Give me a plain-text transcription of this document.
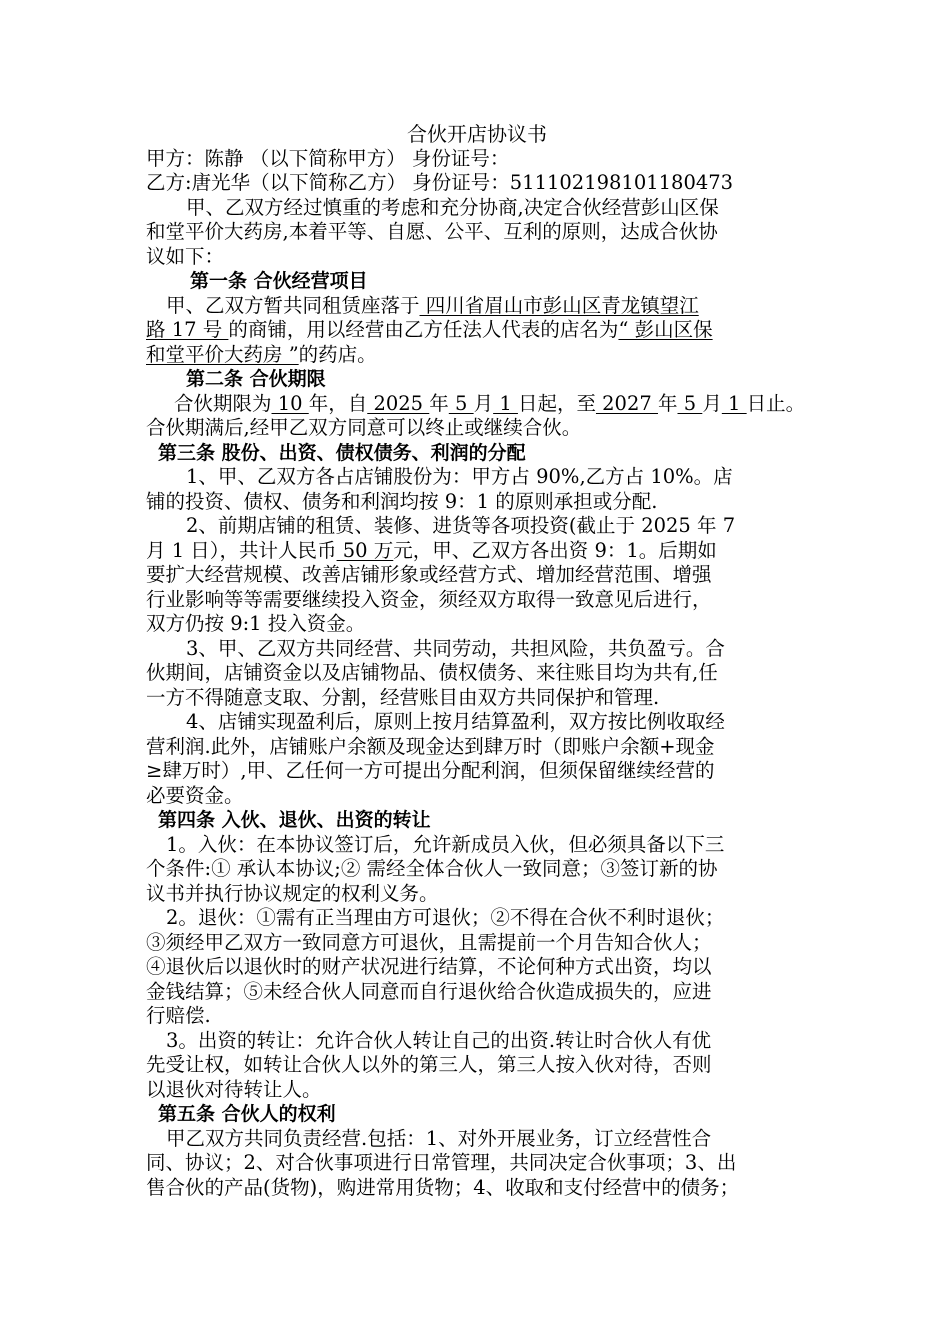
合伙开店协议书
甲方：陈静 （以下简称甲方） 身份证号：
乙方:唐光华（以下简称乙方） 身份证号：511102198101180473
甲、乙双方经过慎重的考虑和充分协商,决定合伙经营彭山区保
和堂平价大药房,本着平等、自愿、公平、互利的原则，达成合伙协
议如下：
第一条 合伙经营项目
甲、乙双方暂共同租赁座落于 四川省眉山市彭山区青龙镇望江
路 17 号 的商铺，用以经营由乙方任法人代表的店名为“ 彭山区保
和堂平价大药房 ”的药店。
第二条 合伙期限
合伙期限为 10 年，自 2025 年 5 月 1 日起，至 2027 年 5 月 1 日止。
合伙期满后,经甲乙双方同意可以终止或继续合伙。
第三条 股份、出资、债权债务、利润的分配
1、甲、乙双方各占店铺股份为：甲方占 90%,乙方占 10%。店
铺的投资、债权、债务和利润均按 9：1 的原则承担或分配.
2、前期店铺的租赁、装修、进货等各项投资(截止于 2025 年 7
月 1 日），共计人民币 50 万元，甲、乙双方各出资 9：1。后期如
要扩大经营规模、改善店铺形象或经营方式、增加经营范围、增强
行业影响等等需要继续投入资金，须经双方取得一致意见后进行，
双方仍按 9:1 投入资金。
3、甲、乙双方共同经营、共同劳动，共担风险，共负盈亏。合
伙期间，店铺资金以及店铺物品、债权债务、来往账目均为共有,任
一方不得随意支取、分割，经营账目由双方共同保护和管理.
4、店铺实现盈利后，原则上按月结算盈利，双方按比例收取经
营利润.此外，店铺账户余额及现金达到肆万时（即账户余额+现金
≥肆万时）,甲、乙任何一方可提出分配利润，但须保留继续经营的
必要资金。
第四条 入伙、退伙、出资的转让
1。入伙：在本协议签订后，允许新成员入伙，但必须具备以下三
个条件:① 承认本协议;② 需经全体合伙人一致同意；③签订新的协
议书并执行协议规定的权利义务。
2。退伙：①需有正当理由方可退伙；②不得在合伙不利时退伙；
③须经甲乙双方一致同意方可退伙，且需提前一个月告知合伙人；
④退伙后以退伙时的财产状况进行结算，不论何种方式出资，均以
金钱结算；⑤未经合伙人同意而自行退伙给合伙造成损失的，应进
行赔偿.
3。出资的转让：允许合伙人转让自己的出资.转让时合伙人有优
先受让权，如转让合伙人以外的第三人，第三人按入伙对待，否则
以退伙对待转让人。
第五条 合伙人的权利
甲乙双方共同负责经营.包括：1、对外开展业务，订立经营性合
同、协议；2、对合伙事项进行日常管理，共同决定合伙事项；3、出
售合伙的产品(货物)，购进常用货物；4、收取和支付经营中的债务；
